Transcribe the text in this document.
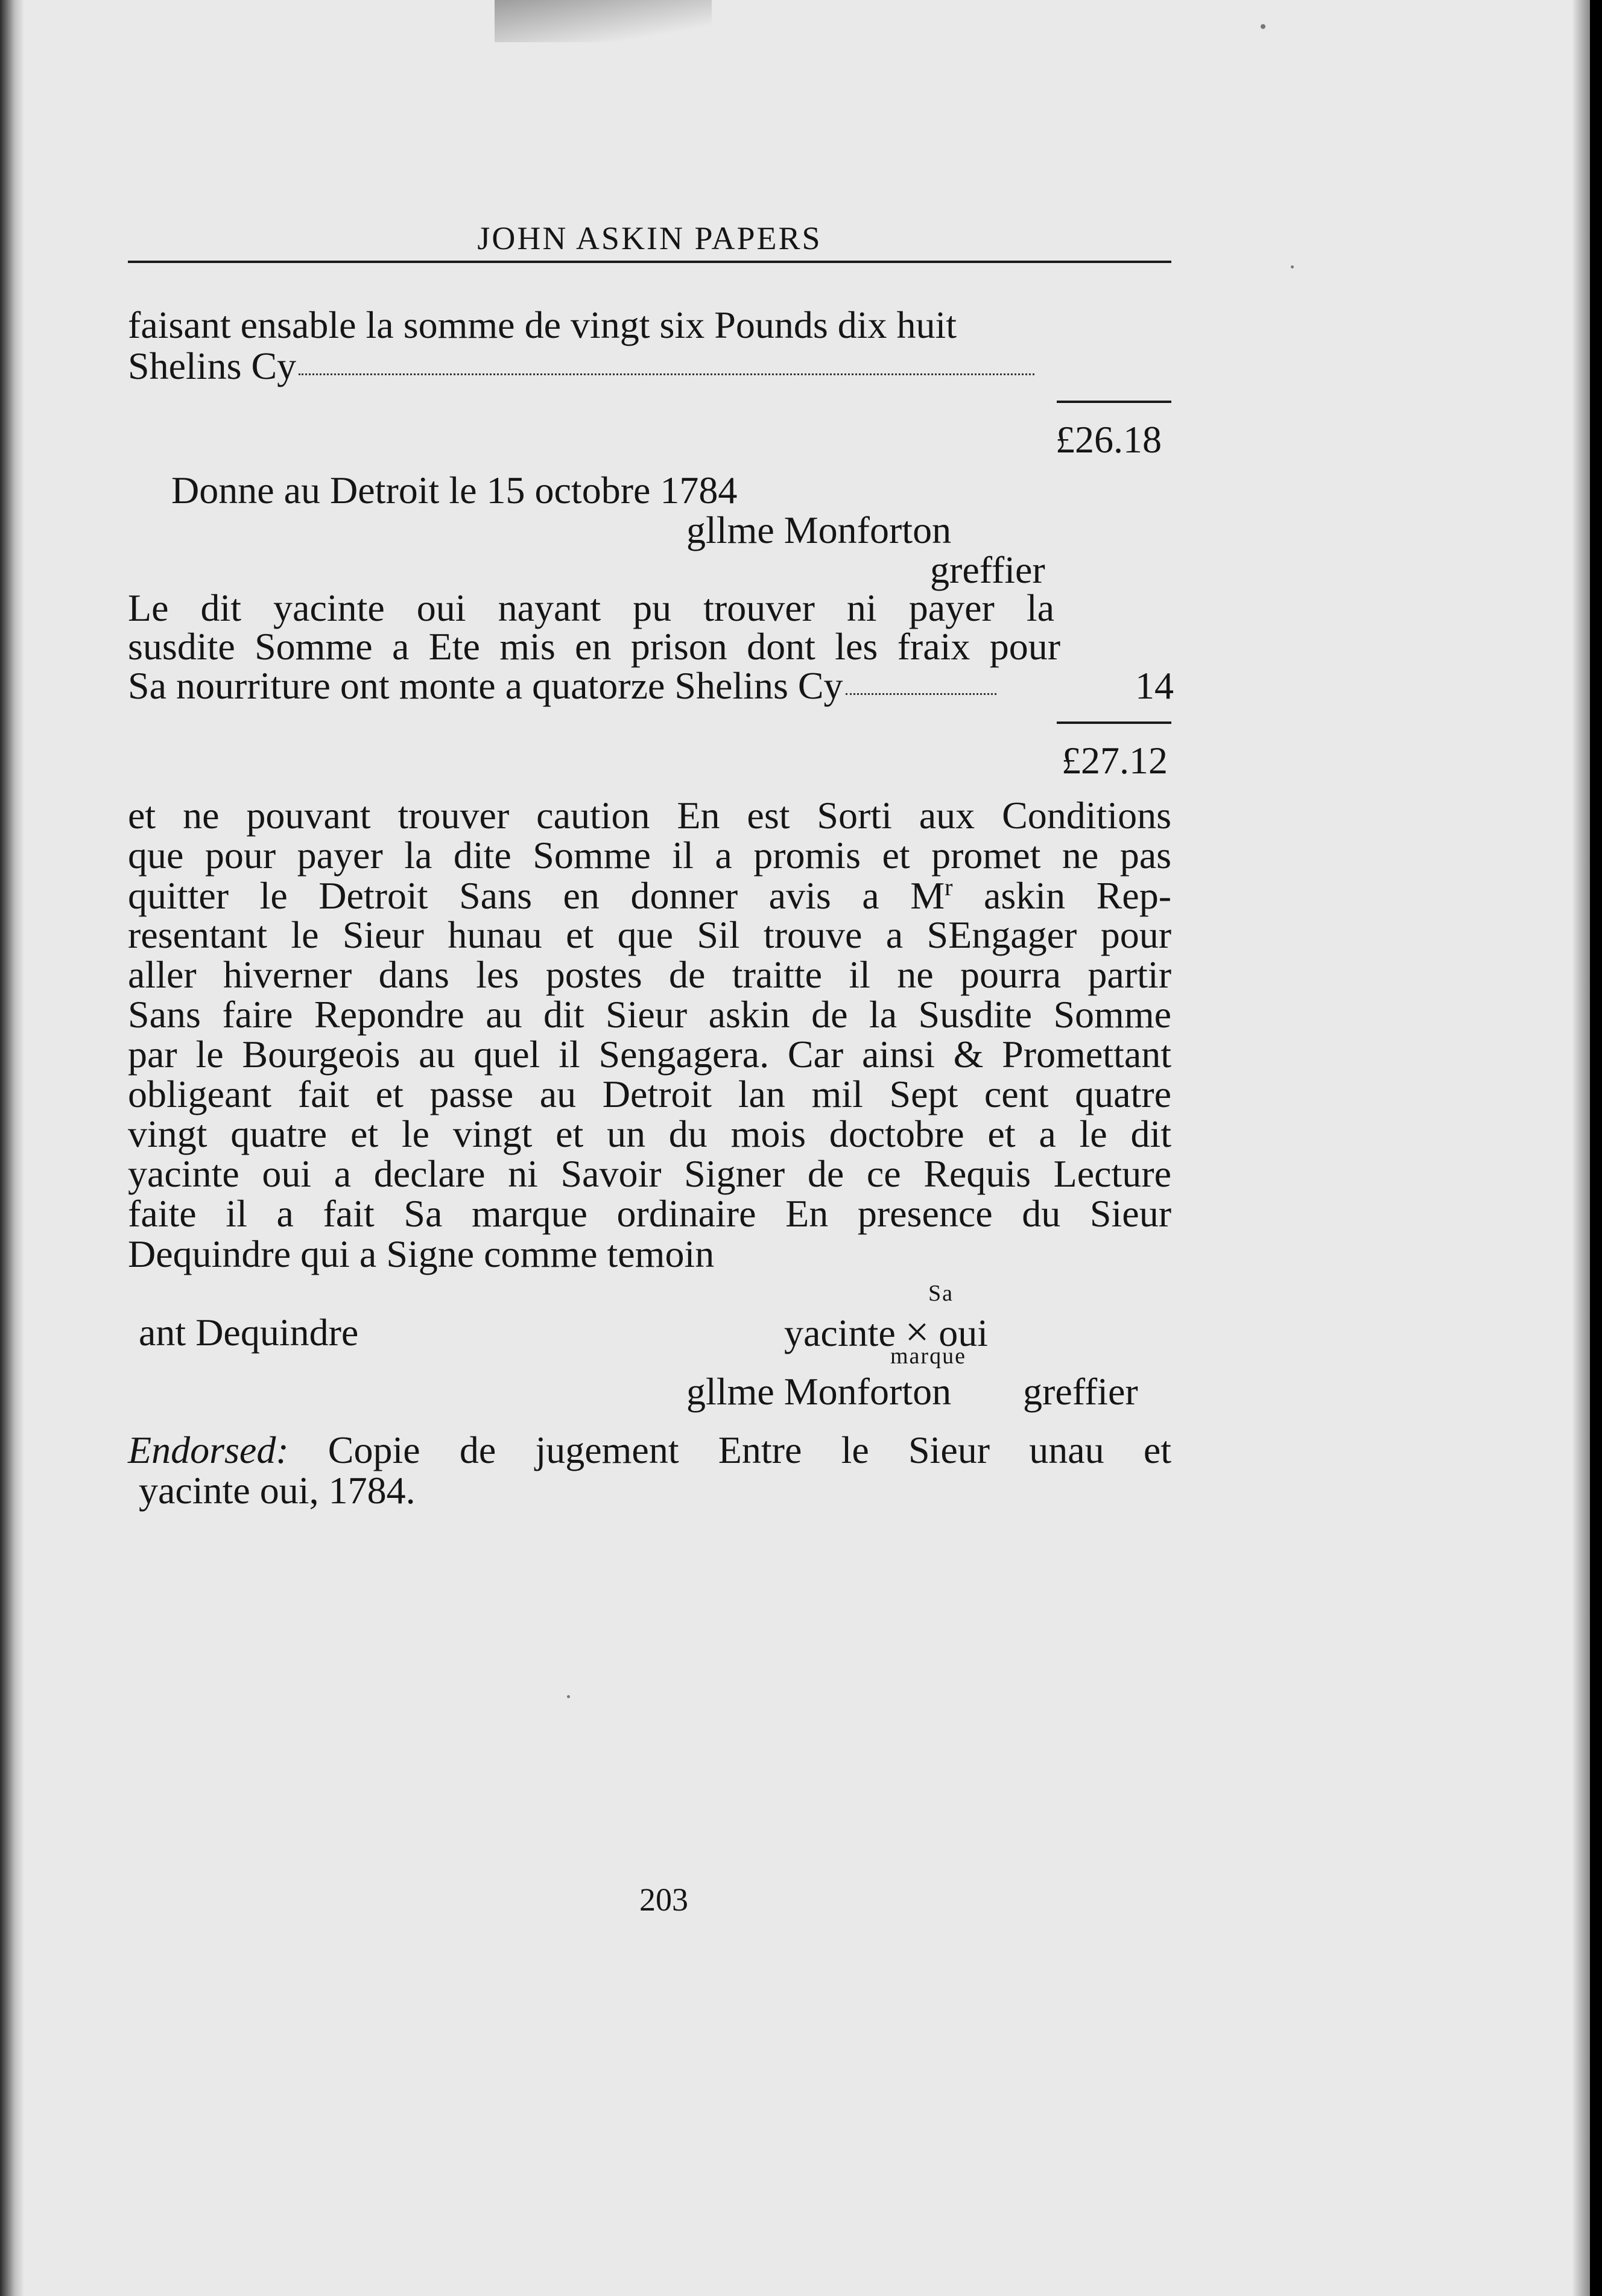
JOHN ASKIN PAPERS
faisant ensable la somme de vingt six Pounds dix huit
Shelins Cy
£26.18
Donne au Detroit le 15 octobre 1784
gllme Monforton
greffier
Le dit yacinte oui nayant pu trouver ni payer la
susdite Somme a Ete mis en prison dont les fraix pour
Sa nourriture ont monte a quatorze Shelins Cy	14
£27.12
et ne pouvant trouver caution En est Sorti aux Conditions
que pour payer la dite Somme il a promis et promet ne pas
quitter le Detroit Sans en donner avis a $M^r$ askin Rep-
resentant le Sieur hunau et que Sil trouve a SEngager pour
aller hiverner dans les postes de traitte il ne pourra partir
Sans faire Repondre au dit Sieur askin de la Susdite Somme
par le Bourgeois au quel il Sengagera. Car ainsi & Promettant
obligeant fait et passe au Detroit lan mil Sept cent quatre
vingt quatre et le vingt et un du mois doctobre et a le dit
yacinte oui a declare ni Savoir Signer de ce Requis Lecture
faite il a fait Sa marque ordinaire En presence du Sieur
Dequindre qui a Signe comme temoin
Sa
ant Dequindre	yacinte × oui
marque
gllme Monforton greffier
Endorsed: Copie de jugement Entre le Sieur unau et
yacinte oui, 1784.
203
